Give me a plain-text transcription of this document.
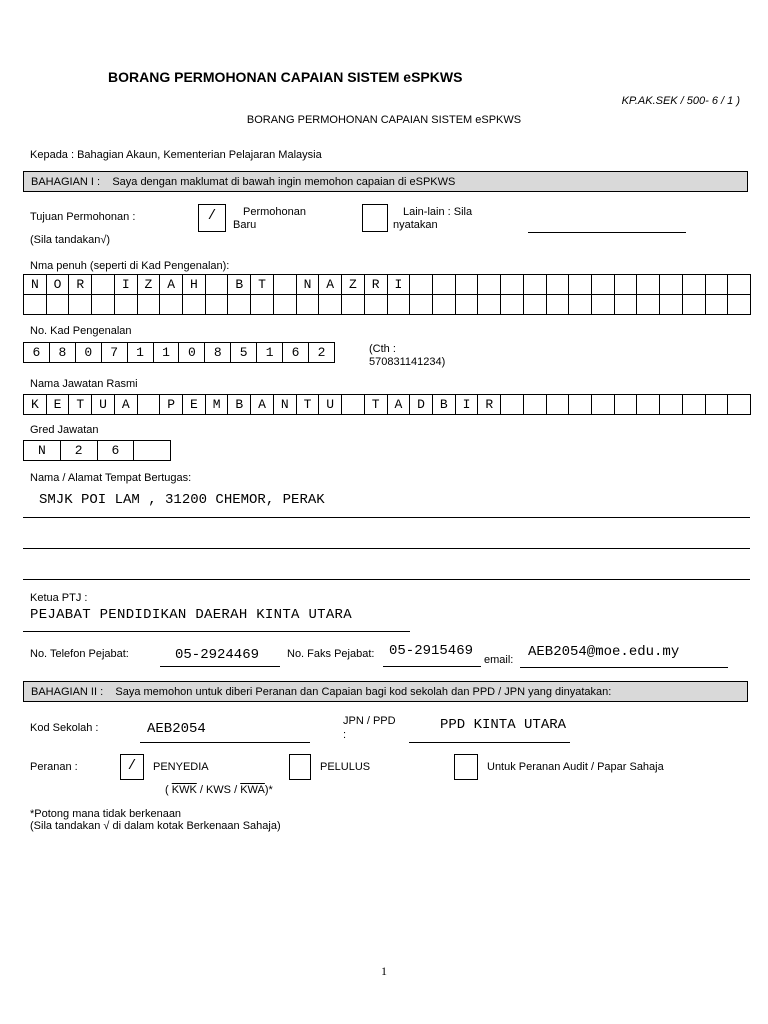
BORANG PERMOHONAN CAPAIAN SISTEM eSPKWS
KP.AK.SEK / 500- 6 / 1 )
BORANG PERMOHONAN CAPAIAN SISTEM eSPKWS
Kepada : Bahagian Akaun, Kementerian Pelajaran Malaysia
BAHAGIAN I : Saya dengan maklumat di bawah ingin memohon capaian di eSPKWS
Tujuan Permohonan :
(Sila tandakan√)
/	Permohonan
Baru
Lain-lain : Sila
nyatakan
Nma penuh (seperti di Kad Pengenalan):
N	O	R		I	Z	A	H		B	T		N	A	Z	R	I															

No. Kad Pengenalan
6	8	0	7	1	1	0	8	5	1	6	2	(Cth :
570831141234)
Nama Jawatan Rasmi
K	E	T	U	A		P	E	M	B	A	N	T	U		T	A	D	B	I	R											
Gred Jawatan
N	2	6	
Nama / Alamat Tempat Bertugas:
SMJK POI LAM , 31200 CHEMOR, PERAK
Ketua PTJ :
PEJABAT PENDIDIKAN DAERAH KINTA UTARA
No. Telefon Pejabat:	05-2924469	No. Faks Pejabat: 05-2915469
email: AEB2054@moe.edu.my
BAHAGIAN II : Saya memohon untuk diberi Peranan dan Capaian bagi kod sekolah dan PPD / JPN yang dinyatakan:
Kod Sekolah :	AEB2054	JPN / PPD
:
PPD KINTA UTARA
Peranan :	/	PENYEDIA
( $\overline{KWK}$ / KWS / $\overline{KWA})*$
PELULUS	Untuk Peranan Audit / Papar Sahaja
*Potong mana tidak berkenaan
(Sila tandakan √ di dalam kotak Berkenaan Sahaja)
1
